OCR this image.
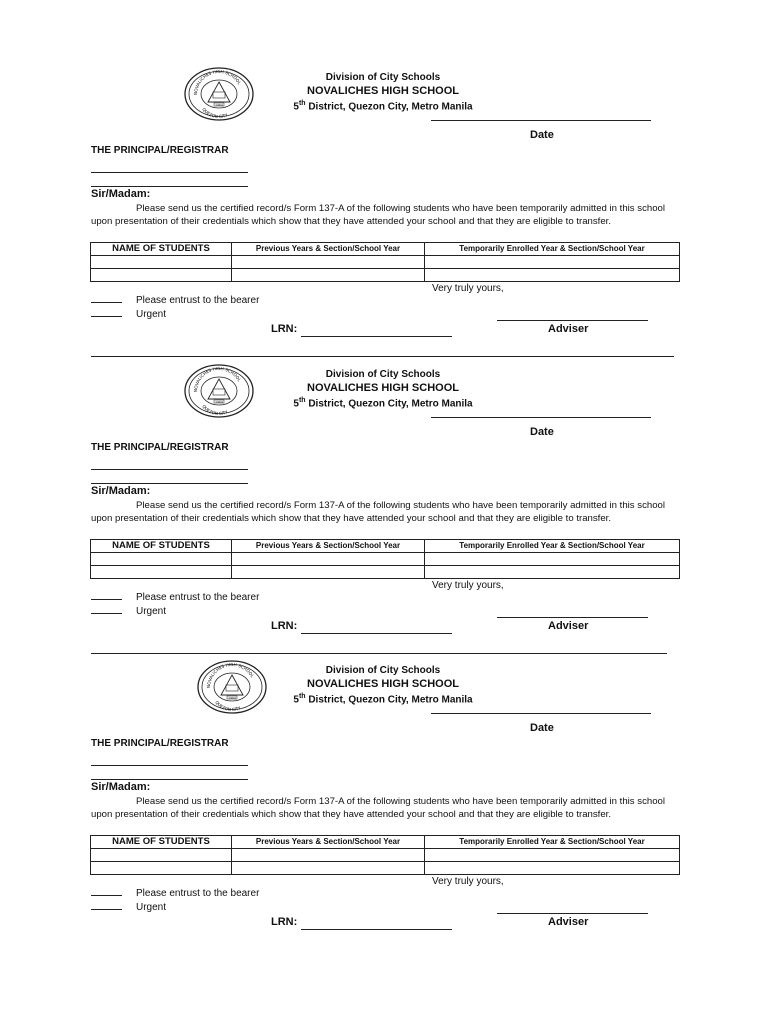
1964
NOVALICHES HIGH SCHOOL
QUEZON CITY
Division of City Schools
NOVALICHES HIGH SCHOOL
5th District, Quezon City, Metro Manila
Date
THE PRINCIPAL/REGISTRAR
Sir/Madam:
Please send us the certified record/s Form 137-A of the following students who have been temporarily admitted in this school upon presentation of their credentials which show that they have attended your school and that they are eligible to transfer.
NAME OF STUDENTS	Previous Years & Section/School Year	Temporarily Enrolled Year & Section/School Year

Very truly yours,
Please entrust to the bearer
Urgent
Adviser
LRN:
1964
NOVALICHES HIGH SCHOOL
QUEZON CITY
Division of City Schools
NOVALICHES HIGH SCHOOL
5th District, Quezon City, Metro Manila
Date
THE PRINCIPAL/REGISTRAR
Sir/Madam:
Please send us the certified record/s Form 137-A of the following students who have been temporarily admitted in this school upon presentation of their credentials which show that they have attended your school and that they are eligible to transfer.
NAME OF STUDENTS	Previous Years & Section/School Year	Temporarily Enrolled Year & Section/School Year

Very truly yours,
Please entrust to the bearer
Urgent
Adviser
LRN:
1964
NOVALICHES HIGH SCHOOL
QUEZON CITY
Division of City Schools
NOVALICHES HIGH SCHOOL
5th District, Quezon City, Metro Manila
Date
THE PRINCIPAL/REGISTRAR
Sir/Madam:
Please send us the certified record/s Form 137-A of the following students who have been temporarily admitted in this school upon presentation of their credentials which show that they have attended your school and that they are eligible to transfer.
NAME OF STUDENTS	Previous Years & Section/School Year	Temporarily Enrolled Year & Section/School Year

Very truly yours,
Please entrust to the bearer
Urgent
Adviser
LRN:
